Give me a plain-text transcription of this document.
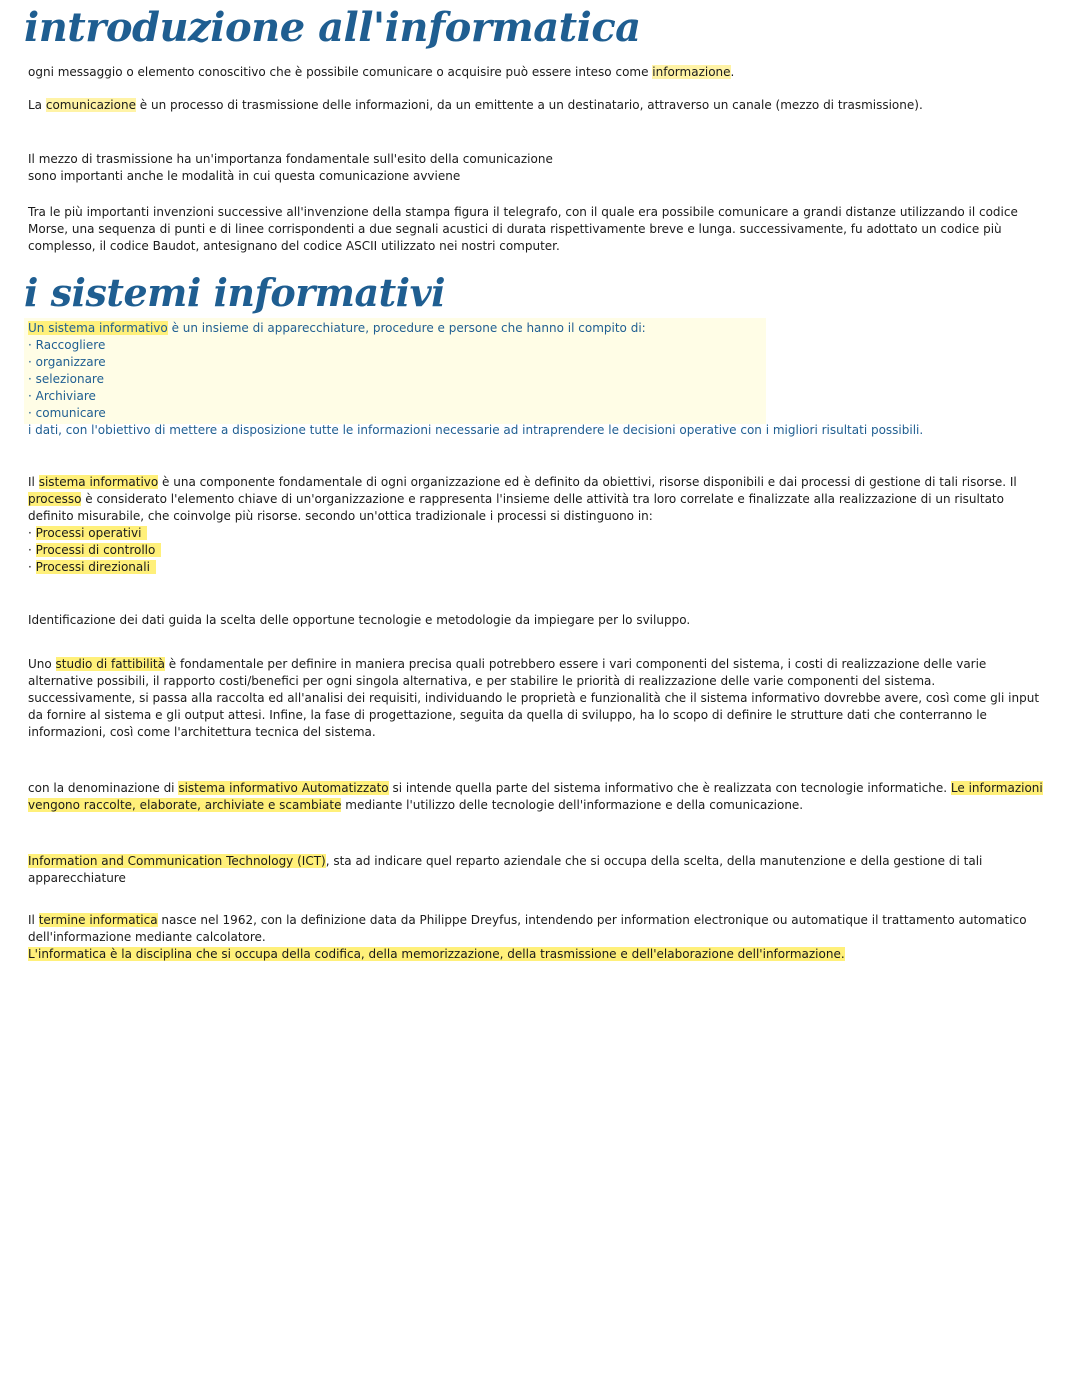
introduzione all'informatica

ogni messaggio o elemento conoscitivo che è possibile comunicare o acquisire può essere inteso come informazione.

La comunicazione è un processo di trasmissione delle informazioni, da un emittente a un destinatario, attraverso un canale (mezzo di trasmissione).

Il mezzo di trasmissione ha un'importanza fondamentale sull'esito della comunicazione
sono importanti anche le modalità in cui questa comunicazione avviene

Tra le più importanti invenzioni successive all'invenzione della stampa figura il telegrafo, con il quale era possibile comunicare a grandi distanze utilizzando il codice Morse, una sequenza di punti e di linee corrispondenti a due segnali acustici di durata rispettivamente breve e lunga. successivamente, fu adottato un codice più complesso, il codice Baudot, antesignano del codice ASCII utilizzato nei nostri computer.

i sistemi informativi
Un sistema informativo è un insieme di apparecchiature, procedure e persone che hanno il compito di:
· Raccogliere
· organizzare
· selezionare
· Archiviare
· comunicare
i dati, con l'obiettivo di mettere a disposizione tutte le informazioni necessarie ad intraprendere le decisioni operative con i migliori risultati possibili.
Il sistema informativo è una componente fondamentale di ogni organizzazione ed è definito da obiettivi, risorse disponibili e dai processi di gestione di tali risorse. Il processo è considerato l'elemento chiave di un'organizzazione e rappresenta l'insieme delle attività tra loro correlate e finalizzate alla realizzazione di un risultato definito misurabile, che coinvolge più risorse. secondo un'ottica tradizionale i processi si distinguono in:
· Processi operativi
· Processi di controllo
· Processi direzionali

Identificazione dei dati guida la scelta delle opportune tecnologie e metodologie da impiegare per lo sviluppo.

Uno studio di fattibilità è fondamentale per definire in maniera precisa quali potrebbero essere i vari componenti del sistema, i costi di realizzazione delle varie alternative possibili, il rapporto costi/benefici per ogni singola alternativa, e per stabilire le priorità di realizzazione delle varie componenti del sistema.
successivamente, si passa alla raccolta ed all'analisi dei requisiti, individuando le proprietà e funzionalità che il sistema informativo dovrebbe avere, così come gli input da fornire al sistema e gli output attesi. Infine, la fase di progettazione, seguita da quella di sviluppo, ha lo scopo di definire le strutture dati che conterranno le informazioni, così come l'architettura tecnica del sistema.

con la denominazione di sistema informativo Automatizzato si intende quella parte del sistema informativo che è realizzata con tecnologie informatiche. Le informazioni vengono raccolte, elaborate, archiviate e scambiate mediante l'utilizzo delle tecnologie dell'informazione e della comunicazione.

Information and Communication Technology (ICT), sta ad indicare quel reparto aziendale che si occupa della scelta, della manutenzione e della gestione di tali apparecchiature

Il termine informatica nasce nel 1962, con la definizione data da Philippe Dreyfus, intendendo per information electronique ou automatique il trattamento automatico dell'informazione mediante calcolatore.
L'informatica è la disciplina che si occupa della codifica, della memorizzazione, della trasmissione e dell'elaborazione dell'informazione.
